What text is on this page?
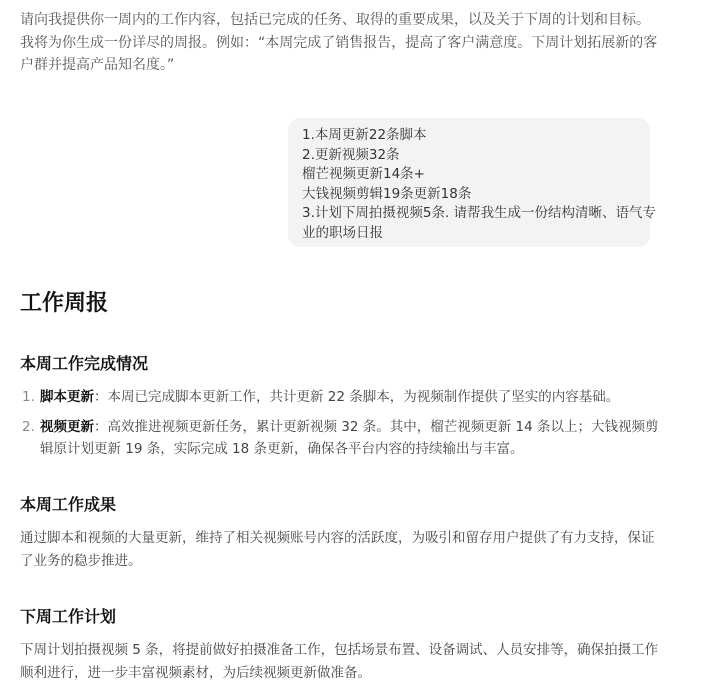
请向我提供你一周内的工作内容，包括已完成的任务、取得的重要成果，以及关于下周的计划和目标。我将为你生成一份详尽的周报。例如：“本周完成了销售报告，提高了客户满意度。下周计划拓展新的客户群并提高产品知名度。”
1.本周更新22条脚本
2.更新视频32条
榴芒视频更新14条+
大钱视频剪辑19条更新18条
3.计划下周拍摄视频5条. 请帮我生成一份结构清晰、语气专
业的职场日报
工作周报
本周工作完成情况
1. 脚本更新：本周已完成脚本更新工作，共计更新 22 条脚本，为视频制作提供了坚实的内容基础。
2. 视频更新：高效推进视频更新任务，累计更新视频 32 条。其中，榴芒视频更新 14 条以上；大钱视频剪辑原计划更新 19 条，实际完成 18 条更新，确保各平台内容的持续输出与丰富。
本周工作成果
通过脚本和视频的大量更新，维持了相关视频账号内容的活跃度，为吸引和留存用户提供了有力支持，保证了业务的稳步推进。
下周工作计划
下周计划拍摄视频 5 条，将提前做好拍摄准备工作，包括场景布置、设备调试、人员安排等，确保拍摄工作顺利进行，进一步丰富视频素材，为后续视频更新做准备。
